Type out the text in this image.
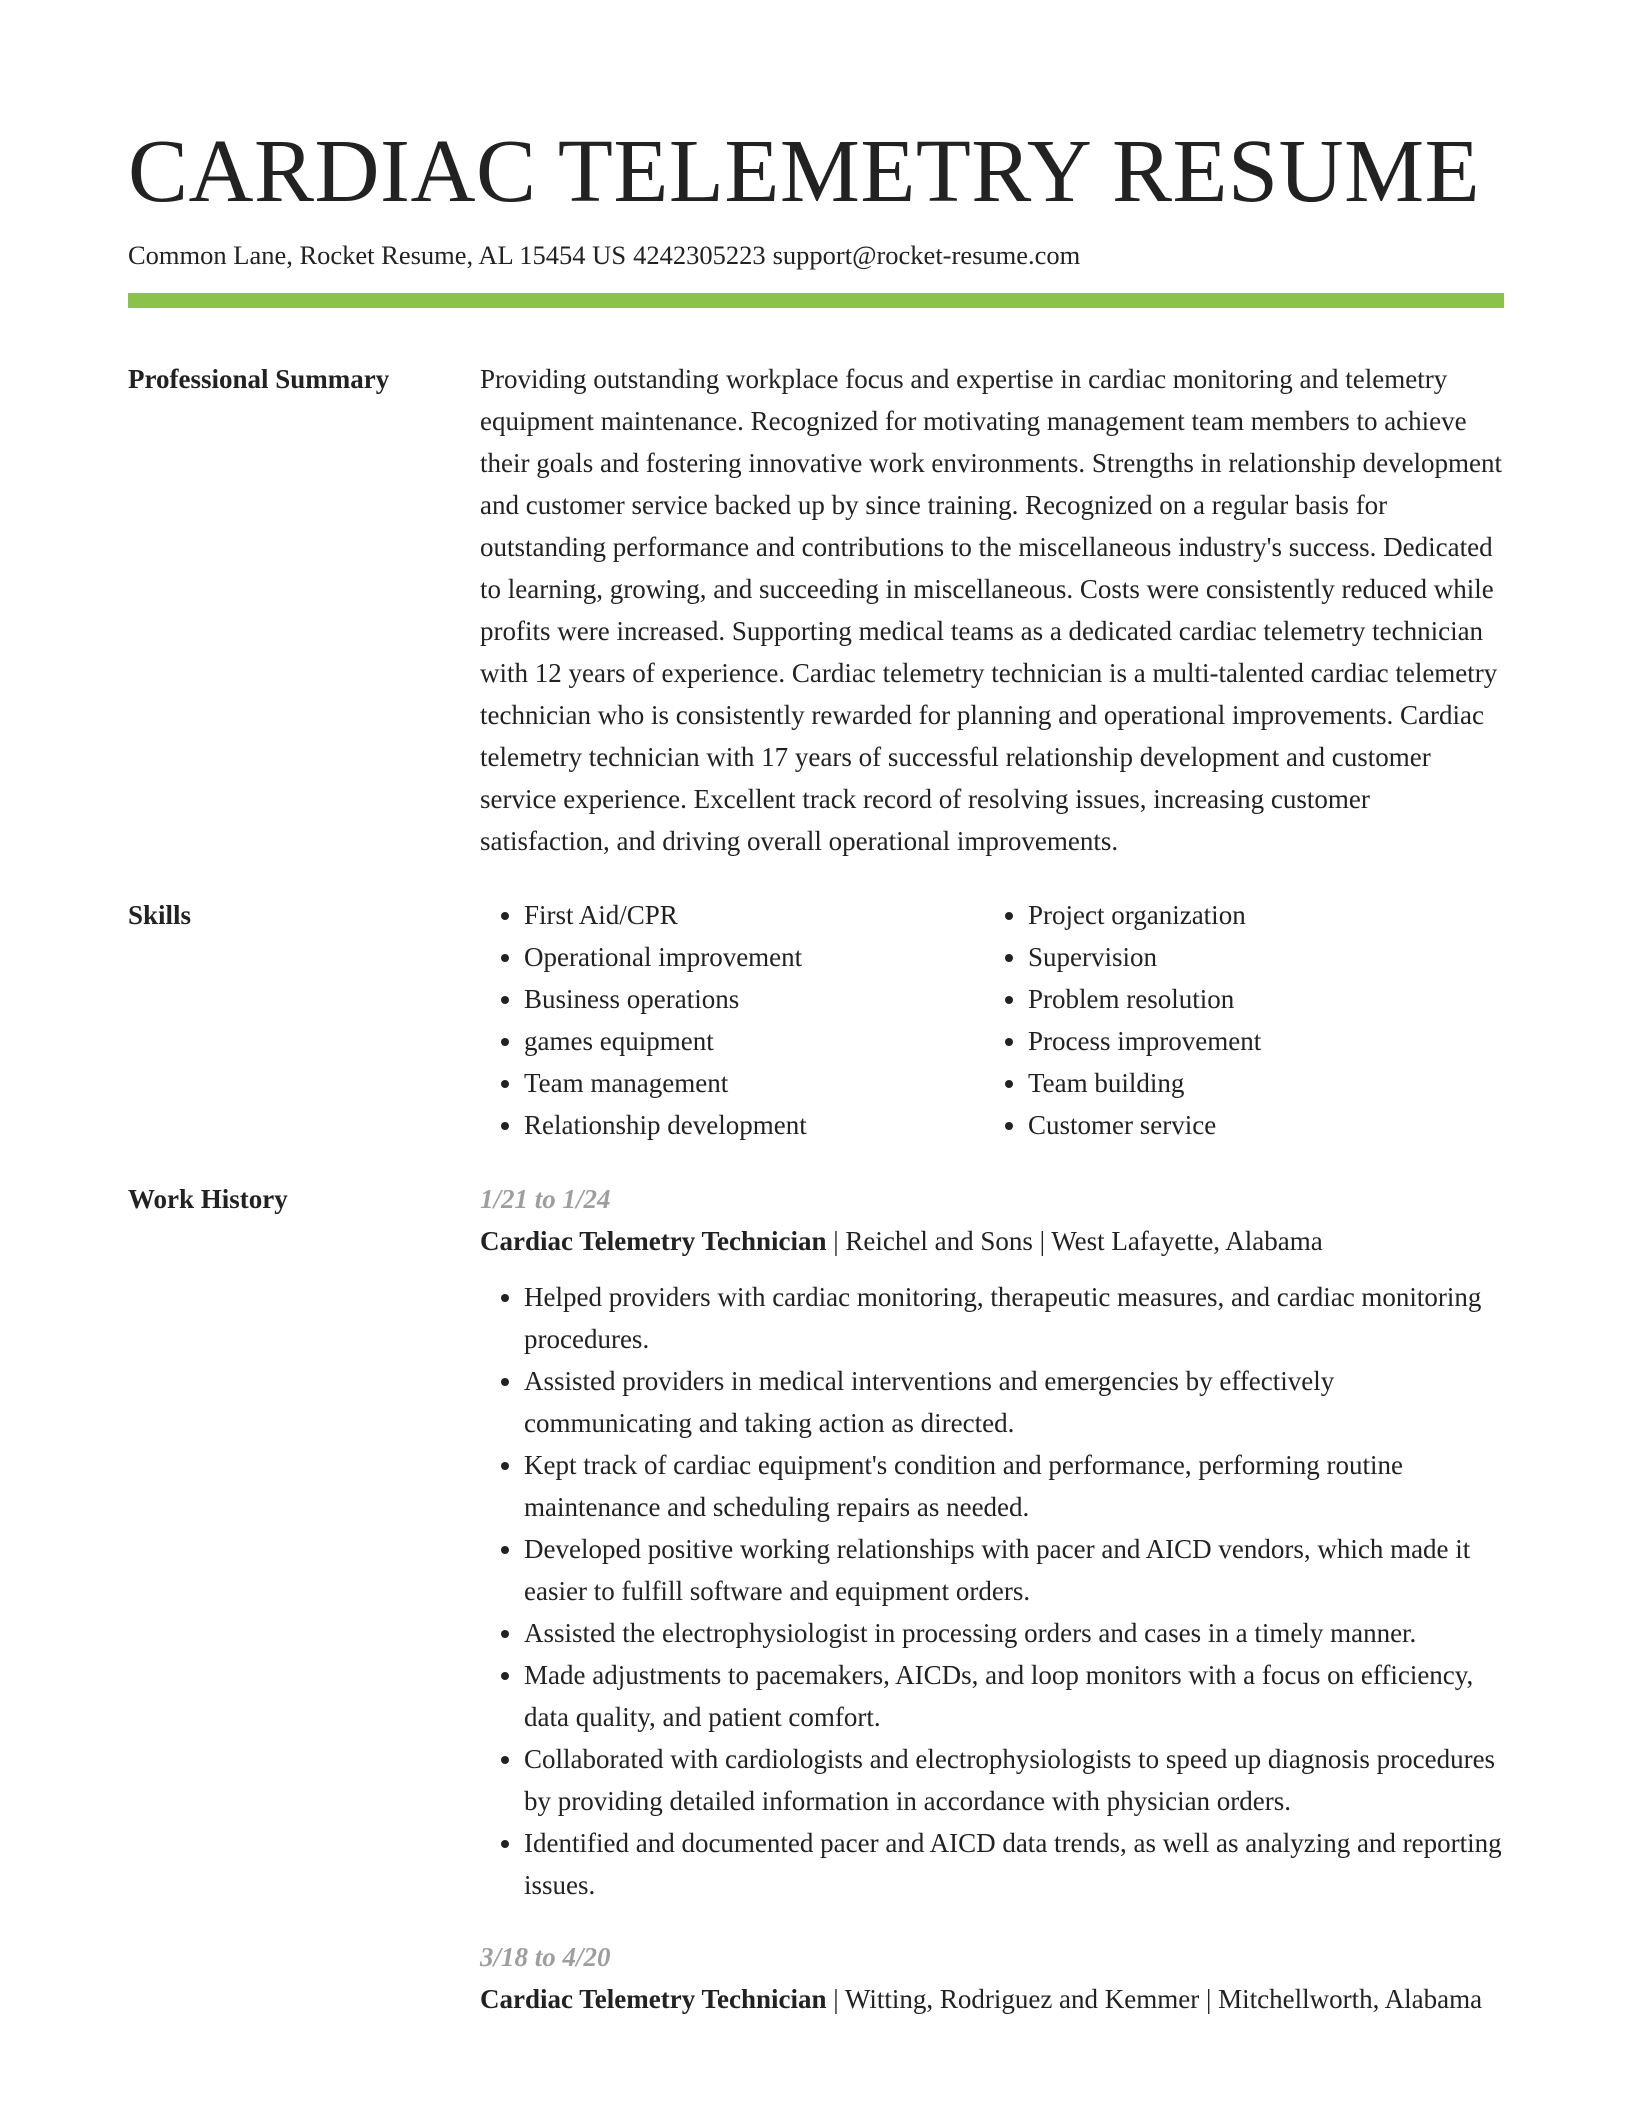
CARDIAC TELEMETRY RESUME
Common Lane, Rocket Resume, AL 15454 US 4242305223 support@rocket-resume.com
Professional Summary	Providing outstanding workplace focus and expertise in cardiac monitoring and telemetry equipment maintenance. Recognized for motivating management team members to achieve their goals and fostering innovative work environments. Strengths in relationship development and customer service backed up by since training. Recognized on a regular basis for outstanding performance and contributions to the miscellaneous industry's success. Dedicated to learning, growing, and succeeding in miscellaneous. Costs were consistently reduced while profits were increased. Supporting medical teams as a dedicated cardiac telemetry technician with 12 years of experience. Cardiac telemetry technician is a multi-talented cardiac telemetry technician who is consistently rewarded for planning and operational improvements. Cardiac telemetry technician with 17 years of successful relationship development and customer service experience. Excellent track record of resolving issues, increasing customer satisfaction, and driving overall operational improvements.

Skills
•	First Aid/CPR
• Operational improvement
• Business operations
• games equipment
• Team management
• Relationship development
• Project organization
• Supervision
• Problem resolution
• Process improvement
• Team building
• Customer service
Work History	1/21 to 1/24

Cardiac Telemetry Technician | Reichel and Sons | West Lafayette, Alabama

• Helped providers with cardiac monitoring, therapeutic measures, and cardiac monitoring procedures.
• Assisted providers in medical interventions and emergencies by effectively communicating and taking action as directed.
• Kept track of cardiac equipment's condition and performance, performing routine maintenance and scheduling repairs as needed.
• Developed positive working relationships with pacer and AICD vendors, which made it easier to fulfill software and equipment orders.
• Assisted the electrophysiologist in processing orders and cases in a timely manner.
• Made adjustments to pacemakers, AICDs, and loop monitors with a focus on efficiency, data quality, and patient comfort.
• Collaborated with cardiologists and electrophysiologists to speed up diagnosis procedures by providing detailed information in accordance with physician orders.
• Identified and documented pacer and AICD data trends, as well as analyzing and reporting issues.
3/18 to 4/20

Cardiac Telemetry Technician | Witting, Rodriguez and Kemmer | Mitchellworth, Alabama
